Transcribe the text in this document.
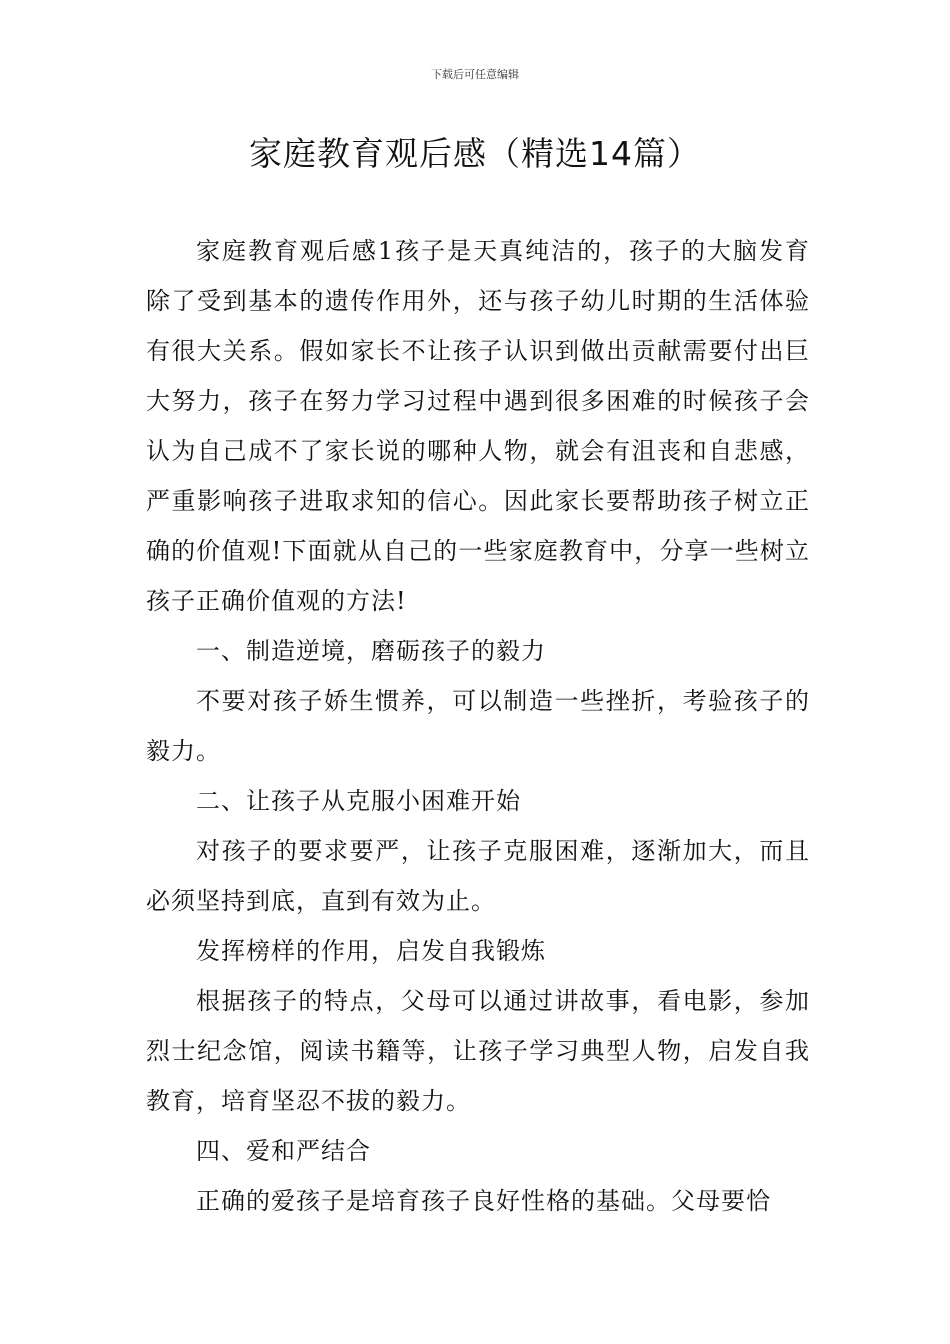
下载后可任意编辑
家庭教育观后感（精选14篇）

家庭教育观后感1孩子是天真纯洁的，孩子的大脑发育除了受到基本的遗传作用外，还与孩子幼儿时期的生活体验有很大关系。假如家长不让孩子认识到做出贡献需要付出巨大努力，孩子在努力学习过程中遇到很多困难的时候孩子会认为自己成不了家长说的哪种人物，就会有沮丧和自悲感，严重影响孩子进取求知的信心。因此家长要帮助孩子树立正确的价值观!下面就从自己的一些家庭教育中，分享一些树立孩子正确价值观的方法!

一、制造逆境，磨砺孩子的毅力

不要对孩子娇生惯养，可以制造一些挫折，考验孩子的毅力。

二、让孩子从克服小困难开始

对孩子的要求要严，让孩子克服困难，逐渐加大，而且必须坚持到底，直到有效为止。

发挥榜样的作用，启发自我锻炼

根据孩子的特点，父母可以通过讲故事，看电影，参加烈士纪念馆，阅读书籍等，让孩子学习典型人物，启发自我教育，培育坚忍不拔的毅力。

四、爱和严结合

正确的爱孩子是培育孩子良好性格的基础。父母要恰
